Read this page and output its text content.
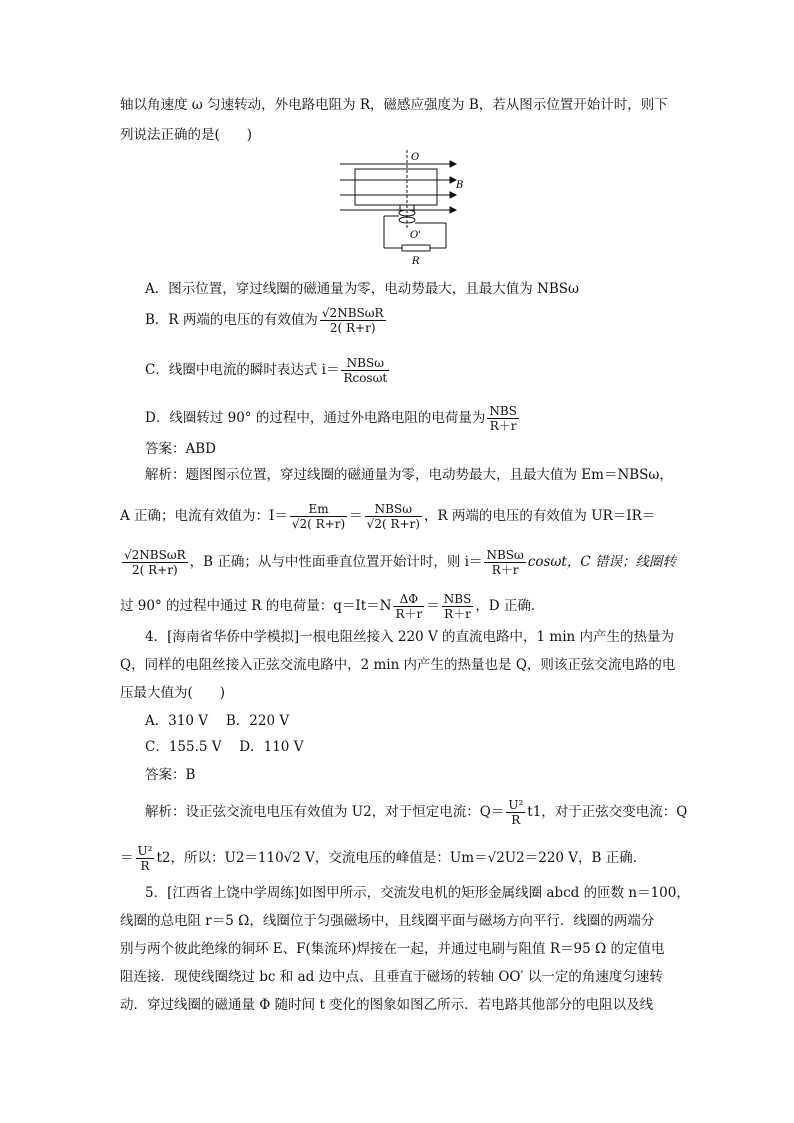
轴以角速度 ω 匀速转动，外电路电阻为 R，磁感应强度为 B，若从图示位置开始计时，则下
列说法正确的是(　　)
O
B
O'
R
A．图示位置，穿过线圈的磁通量为零，电动势最大，且最大值为 NBSω
B．R 两端的电压的有效值为 $\frac{\text{√2NBSωR}}{2( R+r)}$
C．线圈中电流的瞬时表达式 $i= \frac{\text{NBSω}}{Rcos\omega t}$
D．线圈转过 90° 的过程中，通过外电路电阻的电荷量为 $\frac{\text{NBS}}{R+r}$
答案：ABD
解析：题图图示位置，穿过线圈的磁通量为零，电动势最大，且最大值为 Em＝NBSω，
A 正确；电流有效值为：$I= \frac{Em}{√2( R+r)} = \frac{\text{NBSω}}{√2( R+r)}$ ，R 两端的电压的有效值为 UR＝IR＝
$\frac{\text{√2NBSωR}}{2( R+r)}$ ，B 正确；从与中性面垂直位置开始计时，则 $i= \frac{\text{NBSω}}{R+r}$ cosωt，C 错误；线圈转
过 90° 的过程中通过 R 的电荷量：$q=It=N \frac{\Delta\Phi}{R+r} = \frac{\text{NBS}}{R+r}$ ，D 正确．
4．[海南省华侨中学模拟]一根电阻丝接入 220 V 的直流电路中，1 min 内产生的热量为
Q，同样的电阻丝接入正弦交流电路中，2 min 内产生的热量也是 Q，则该正弦交流电路的电
压最大值为(　　)
A．310 V　 B．220 V
C．155.5 V　 D．110 V
答案：B
解析：设正弦交流电电压有效值为 U2，对于恒定电流：$Q= \frac{\text{U²}}{R} t1$，对于正弦交变电流：Q
＝ $\frac{\text{U²}}{R} t2$，所以：U2＝110√2 V，交流电压的峰值是：Um＝√2U2＝220 V，B 正确．
5．[江西省上饶中学周练]如图甲所示，交流发电机的矩形金属线圈 abcd 的匝数 n＝100，
线圈的总电阻 r＝5 Ω，线圈位于匀强磁场中，且线圈平面与磁场方向平行．线圈的两端分
别与两个彼此绝缘的铜环 E、F(集流环)焊接在一起，并通过电刷与阻值 R＝95 Ω 的定值电
阻连接．现使线圈绕过 bc 和 ad 边中点、且垂直于磁场的转轴 OO′ 以一定的角速度匀速转
动．穿过线圈的磁通量 Φ 随时间 t 变化的图象如图乙所示．若电路其他部分的电阻以及线
